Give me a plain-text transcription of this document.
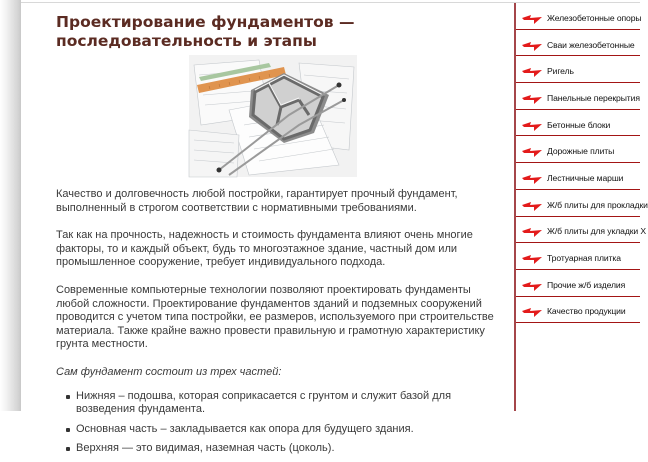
Проектирование фундаментов — последовательность и этапы

Качество и долговечность любой постройки, гарантирует прочный фундамент, выполненный в строгом соответствии с нормативными требованиями.

Так как на прочность, надежность и стоимость фундамента влияют очень многие факторы, то и каждый объект, будь то многоэтажное здание, частный дом или промышленное сооружение, требует индивидуального подхода.

Современные компьютерные технологии позволяют проектировать фундаменты любой сложности. Проектирование фундаментов зданий и подземных сооружений проводится с учетом типа постройки, ее размеров, используемого при строительстве материала. Также крайне важно провести правильную и грамотную характеристику грунта местности.

Сам фундамент состоит из трех частей:

Нижняя – подошва, которая соприкасается с грунтом и служит базой для возведения фундамента.
Основная часть – закладывается как опора для будущего здания.
Верхняя — это видимая, наземная часть (цоколь).
Железобетонные опоры
Сваи железобетонные
Ригель
Панельные перекрытия
Бетонные блоки
Дорожные плиты
Лестничные марши
Ж/б плиты для прокладки
Ж/б плиты для укладки Х
Тротуарная плитка
Прочие ж/б изделия
Качество продукции
